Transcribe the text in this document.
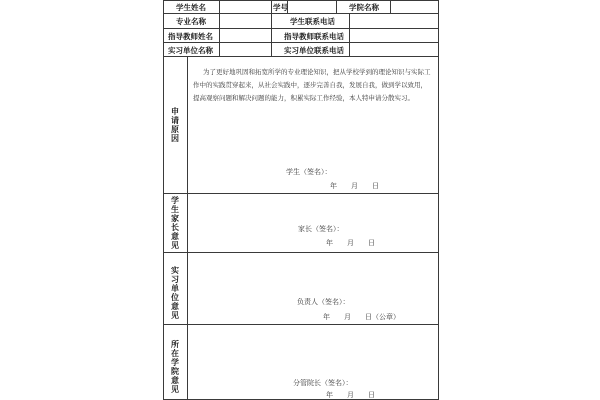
学生姓名	学号	学院名称
专业名称	学生联系电话
指导教师姓名	指导教师联系电话
实习单位名称	实习单位联系电话
申请原因
为了更好地巩固和拓宽所学的专业理论知识，把从学校学到的理论知识与实际工作中的实践贯穿起来，从社会实践中，逐步完善自我，发展自我，做到学以致用，提高观察问题和解决问题的能力，积累实际工作经验，本人特申请分散实习。
学生（签名）：
年　　月　　日
学生家长意见
家长（签名）：
年　　月　　日
实习单位意见
负责人（签名）：
年　　月　　日（公章）
所在学院意见
分管院长（签名）：
年　　月　　日
